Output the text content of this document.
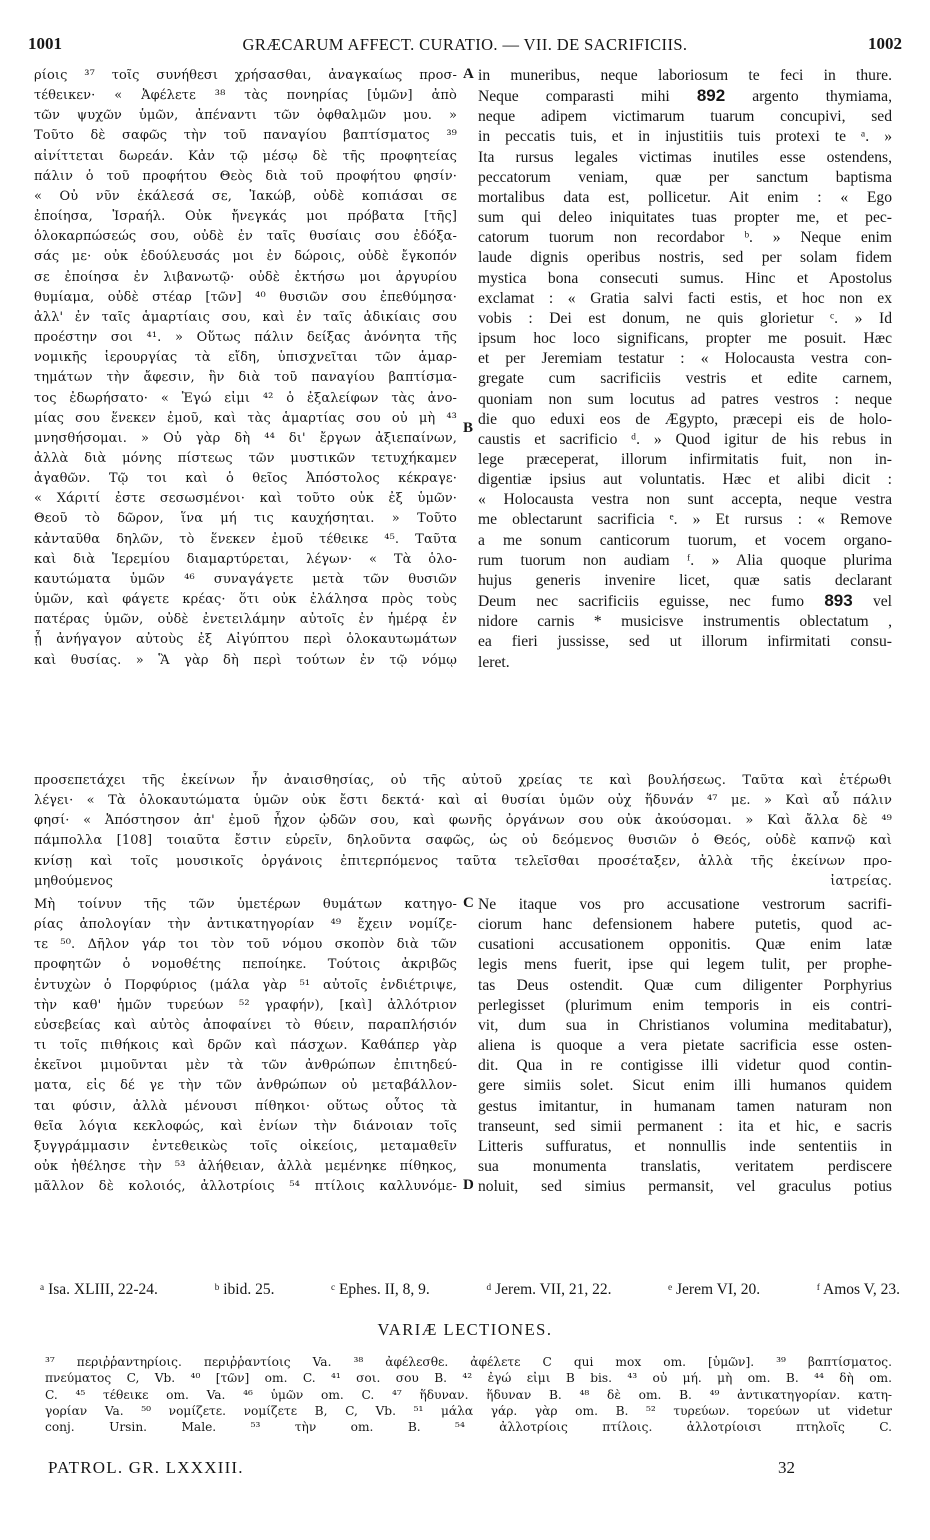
1001	GRÆCARUM AFFECT. CURATIO. — VII. DE SACRIFICIIS.	1002
ρίοις ³⁷ τοῖς συνήθεσι χρήσασθαι, ἀναγκαίως προσ-
τέθεικεν· « Ἀφέλετε ³⁸ τὰς πονηρίας [ὑμῶν] ἀπὸ
τῶν ψυχῶν ὑμῶν, ἀπέναντι τῶν ὀφθαλμῶν μου. »
Τοῦτο δὲ σαφῶς τὴν τοῦ παναγίου βαπτίσματος ³⁹
αἰνίττεται δωρεάν. Κἀν τῷ μέσῳ δὲ τῆς προφητείας
πάλιν ὁ τοῦ προφήτου Θεὸς διὰ τοῦ προφήτου φησίν·
« Οὐ νῦν ἐκάλεσά σε, Ἰακώβ, οὐδὲ κοπιάσαι σε
ἐποίησα, Ἰσραήλ. Οὐκ ἤνεγκάς μοι πρόβατα [τῆς]
ὁλοκαρπώσεώς σου, οὐδὲ ἐν ταῖς θυσίαις σου ἐδόξα-
σάς με· οὐκ ἐδούλευσάς μοι ἐν δώροις, οὐδὲ ἔγκοπόν
σε ἐποίησα ἐν λιβανωτῷ· οὐδὲ ἐκτήσω μοι ἀργυρίου
θυμίαμα, οὐδὲ στέαρ [τῶν] ⁴⁰ θυσιῶν σου ἐπεθύμησα·
ἀλλ' ἐν ταῖς ἁμαρτίαις σου, καὶ ἐν ταῖς ἀδικίαις σου
προέστην σοι ⁴¹. » Οὕτως πάλιν δείξας ἀνόνητα τῆς
νομικῆς ἱερουργίας τὰ εἴδη, ὑπισχνεῖται τῶν ἁμαρ-
τημάτων τὴν ἄφεσιν, ἣν διὰ τοῦ παναγίου βαπτίσμα-
τος ἐδωρήσατο· « Ἐγώ εἰμι ⁴² ὁ ἐξαλείφων τὰς ἀνο-
μίας σου ἕνεκεν ἐμοῦ, καὶ τὰς ἁμαρτίας σου οὐ μὴ ⁴³
μνησθήσομαι. » Οὐ γὰρ δὴ ⁴⁴ δι' ἔργων ἀξιεπαίνων,
ἀλλὰ διὰ μόνης πίστεως τῶν μυστικῶν τετυχήκαμεν
ἀγαθῶν. Τῷ τοι καὶ ὁ θεῖος Ἀπόστολος κέκραγε·
« Χάριτί ἐστε σεσωσμένοι· καὶ τοῦτο οὐκ ἐξ ὑμῶν·
Θεοῦ τὸ δῶρον, ἵνα μή τις καυχήσηται. » Τοῦτο
κἀνταῦθα δηλῶν, τὸ ἕνεκεν ἐμοῦ τέθεικε ⁴⁵. Ταῦτα
καὶ διὰ Ἱερεμίου διαμαρτύρεται, λέγων· « Τὰ ὁλο-
καυτώματα ὑμῶν ⁴⁶ συναγάγετε μετὰ τῶν θυσιῶν
ὑμῶν, καὶ φάγετε κρέας· ὅτι οὐκ ἐλάλησα πρὸς τοὺς
πατέρας ὑμῶν, οὐδὲ ἐνετειλάμην αὐτοῖς ἐν ἡμέρᾳ ἐν
ᾗ ἀνήγαγον αὐτοὺς ἐξ Αἰγύπτου περὶ ὁλοκαυτωμάτων
καὶ θυσίας. » Ἃ γὰρ δὴ περὶ τούτων ἐν τῷ νόμῳ
in muneribus, neque laboriosum te feci in thure.
Neque comparasti mihi 892 argento thymiama,
neque adipem victimarum tuarum concupivi, sed
in peccatis tuis, et in injustitiis tuis protexi te ᵃ. »
Ita rursus legales victimas inutiles esse ostendens,
peccatorum veniam, quæ per sanctum baptisma
mortalibus data est, pollicetur. Ait enim : « Ego
sum qui deleo iniquitates tuas propter me, et pec-
catorum tuorum non recordabor ᵇ. » Neque enim
laude dignis operibus nostris, sed per solam fidem
mystica bona consecuti sumus. Hinc et Apostolus
exclamat : « Gratia salvi facti estis, et hoc non ex
vobis : Dei est donum, ne quis glorietur ᶜ. » Id
ipsum hoc loco significans, propter me posuit. Hæc
et per Jeremiam testatur : « Holocausta vestra con-
gregate cum sacrificiis vestris et edite carnem,
quoniam non sum locutus ad patres vestros : neque
die quo eduxi eos de Ægypto, præcepi eis de holo-
caustis et sacrificio ᵈ. » Quod igitur de his rebus in
lege præceperat, illorum infirmitatis fuit, non in-
digentiæ ipsius aut voluntatis. Hæc et alibi dicit :
« Holocausta vestra non sunt accepta, neque vestra
me oblectarunt sacrificia ᵉ. » Et rursus : « Remove
a me sonum canticorum tuorum, et vocem organo-
rum tuorum non audiam ᶠ. » Alia quoque plurima
hujus generis invenire licet, quæ satis declarant
Deum nec sacrificiis eguisse, nec fumo 893 vel
nidore carnis * musicisve instrumentis oblectatum ,
ea fieri jussisse, sed ut illorum infirmitati consu-
leret.
προσεπετάχει τῆς ἐκείνων ἦν ἀναισθησίας, οὐ τῆς αὐτοῦ χρείας τε καὶ βουλήσεως. Ταῦτα καὶ ἑτέρωθι
λέγει· « Τὰ ὁλοκαυτώματα ὑμῶν οὐκ ἔστι δεκτά· καὶ αἱ θυσίαι ὑμῶν οὐχ ἥδυνάν ⁴⁷ με. » Καὶ αὖ πάλιν
φησί· « Ἀπόστησον ἀπ' ἐμοῦ ἦχον ᾠδῶν σου, καὶ φωνῆς ὀργάνων σου οὐκ ἀκούσομαι. » Καὶ ἄλλα δὲ ⁴⁹
πάμπολλα [108] τοιαῦτα ἔστιν εὑρεῖν, δηλοῦντα σαφῶς, ὡς οὐ δεόμενος θυσιῶν ὁ Θεός, οὐδὲ καπνῷ καὶ
κνίσῃ καὶ τοῖς μουσικοῖς ὀργάνοις ἐπιτερπόμενος ταῦτα τελεῖσθαι προσέταξεν, ἀλλὰ τῆς ἐκείνων προ-
μηθούμενος ἰατρείας.
Μὴ τοίνυν τῆς τῶν ὑμετέρων θυμάτων κατηγο-
ρίας ἀπολογίαν τὴν ἀντικατηγορίαν ⁴⁹ ἔχειν νομίζε-
τε ⁵⁰. Δῆλον γάρ τοι τὸν τοῦ νόμου σκοπὸν διὰ τῶν
προφητῶν ὁ νομοθέτης πεποίηκε. Τούτοις ἀκριβῶς
ἐντυχὼν ὁ Πορφύριος (μάλα γὰρ ⁵¹ αὐτοῖς ἐνδιέτριψε,
τὴν καθ' ἡμῶν τυρεύων ⁵² γραφήν), [καὶ] ἀλλότριον
εὐσεβείας καὶ αὐτὸς ἀποφαίνει τὸ θύειν, παραπλήσιόν
τι τοῖς πιθήκοις καὶ δρῶν καὶ πάσχων. Καθάπερ γὰρ
ἐκεῖνοι μιμοῦνται μὲν τὰ τῶν ἀνθρώπων ἐπιτηδεύ-
ματα, εἰς δέ γε τὴν τῶν ἀνθρώπων οὐ μεταβάλλον-
ται φύσιν, ἀλλὰ μένουσι πίθηκοι· οὕτως οὗτος τὰ
θεῖα λόγια κεκλοφώς, καὶ ἐνίων τὴν διάνοιαν τοῖς
ξυγγράμμασιν ἐντεθεικὼς τοῖς οἰκείοις, μεταμαθεῖν
οὐκ ἠθέλησε τὴν ⁵³ ἀλήθειαν, ἀλλὰ μεμένηκε πίθηκος,
μᾶλλον δὲ κολοιός, ἀλλοτρίοις ⁵⁴ πτίλοις καλλυνόμε-
Ne itaque vos pro accusatione vestrorum sacrifi-
ciorum hanc defensionem habere putetis, quod ac-
cusationi accusationem opponitis. Quæ enim latæ
legis mens fuerit, ipse qui legem tulit, per prophe-
tas Deus ostendit. Quæ cum diligenter Porphyrius
perlegisset (plurimum enim temporis in eis contri-
vit, dum sua in Christianos volumina meditabatur),
aliena is quoque a vera pietate sacrificia esse osten-
dit. Qua in re contigisse illi videtur quod contin-
gere simiis solet. Sicut enim illi humanos quidem
gestus imitantur, in humanam tamen naturam non
transeunt, sed simii permanent : ita et hic, e sacris
Litteris suffuratus, et nonnullis inde sententiis in
sua monumenta translatis, veritatem perdiscere
noluit, sed simius permansit, vel graculus potius
A
B
C
D
ᵃ Isa. XLIII, 22-24.	ᵇ ibid. 25.	ᶜ Ephes. II, 8, 9.	ᵈ Jerem. VII, 21, 22.	ᵉ Jerem VI, 20.	ᶠ Amos V, 23.
VARIÆ LECTIONES.
³⁷ περιῤῥαντηρίοις. περιῤῥαντίοις Va. ³⁸ ἀφέλεσθε. ἀφέλετε C qui mox om. [ὑμῶν]. ³⁹ βαπτίσματος.
πνεύματος C, Vb. ⁴⁰ [τῶν] om. C. ⁴¹ σοι. σου B. ⁴² ἐγώ εἰμι B bis. ⁴³ οὐ μή. μὴ om. B. ⁴⁴ δὴ om.
C. ⁴⁵ τέθεικε om. Va. ⁴⁶ ὑμῶν om. C. ⁴⁷ ἥδυναν. ἥδυναν B. ⁴⁸ δὲ om. B. ⁴⁹ ἀντικατηγορίαν. κατη-
γορίαν Va. ⁵⁰ νομίζετε. νομίζετε B, C, Vb. ⁵¹ μάλα γάρ. γὰρ om. B. ⁵² τυρεύων. τορεύων ut videtur
conj. Ursin. Male. ⁵³ τὴν om. B. ⁵⁴ ἀλλοτρίοις πτίλοις. ἀλλοτρίοισι πτηλοῖς C.
PATROL. GR. LXXXIII.	32
